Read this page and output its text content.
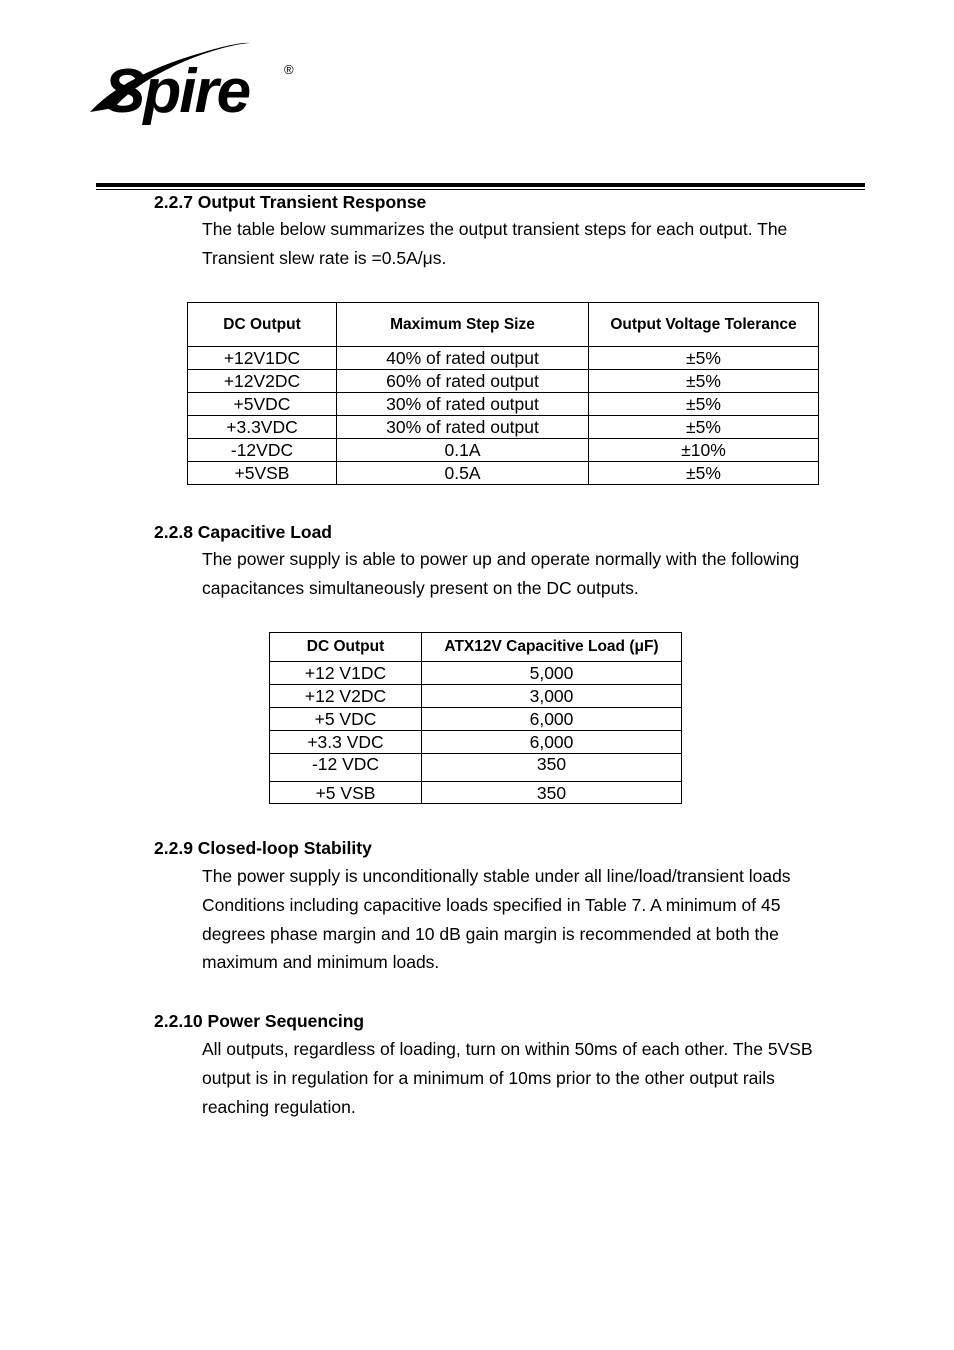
Spire	®
2.2.7 Output Transient Response
The table below summarizes the output transient steps for each output. The
Transient slew rate is =0.5A/μs.
DC Output	Maximum Step Size	Output Voltage Tolerance
+12V1DC	40% of rated output	±5%
+12V2DC	60% of rated output	±5%
+5VDC	30% of rated output	±5%
+3.3VDC	30% of rated output	±5%
-12VDC	0.1A	±10%
+5VSB	0.5A	±5%
2.2.8 Capacitive Load
The power supply is able to power up and operate normally with the following
capacitances simultaneously present on the DC outputs.
DC Output	ATX12V Capacitive Load (μF)
+12 V1DC	5,000
+12 V2DC	3,000
+5 VDC	6,000
+3.3 VDC	6,000
-12 VDC	350
+5 VSB	350
2.2.9 Closed-loop Stability
The power supply is unconditionally stable under all line/load/transient loads
Conditions including capacitive loads specified in Table 7. A minimum of 45
degrees phase margin and 10 dB gain margin is recommended at both the
maximum and minimum loads.
2.2.10 Power Sequencing
All outputs, regardless of loading, turn on within 50ms of each other. The 5VSB
output is in regulation for a minimum of 10ms prior to the other output rails
reaching regulation.
